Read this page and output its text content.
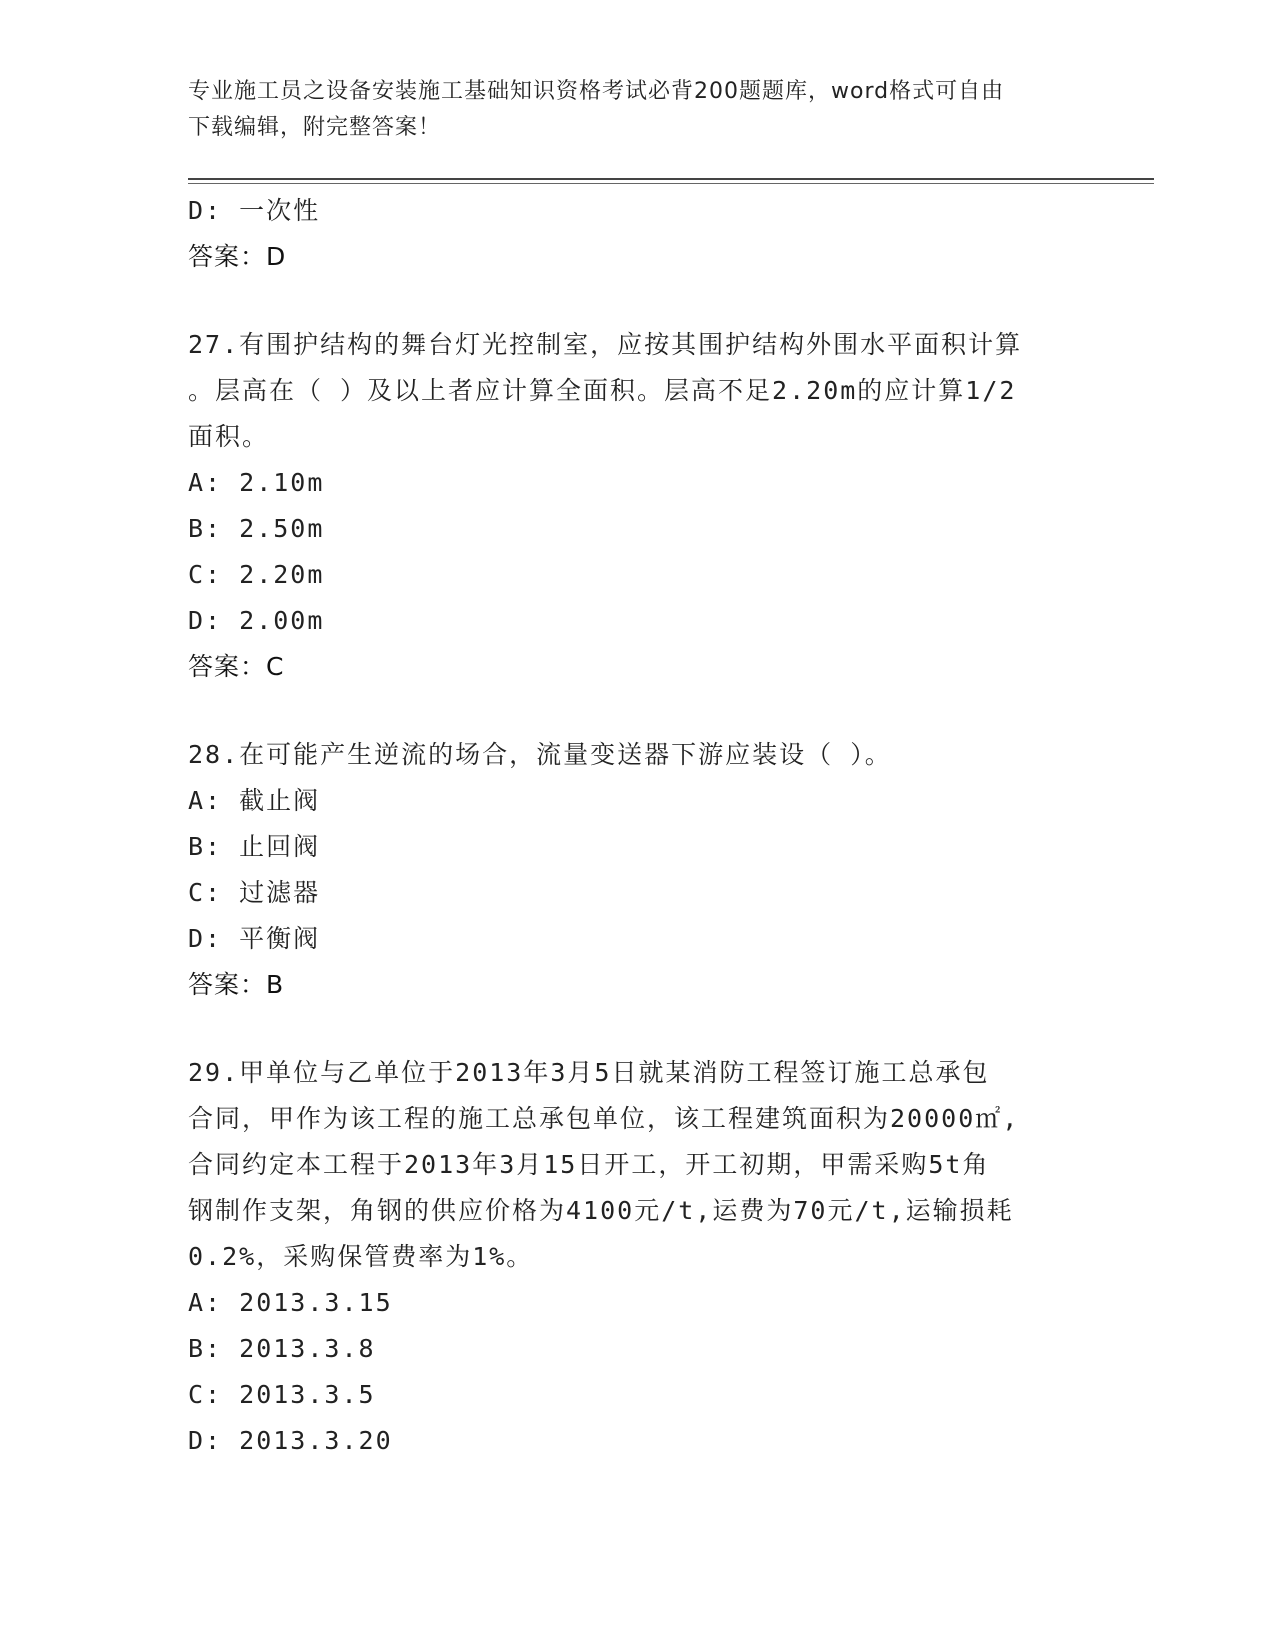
专业施工员之设备安装施工基础知识资格考试必背200题题库，word格式可自由
下载编辑，附完整答案！
D: 一次性
答案：D
27.有围护结构的舞台灯光控制室，应按其围护结构外围水平面积计算
。层高在（ ）及以上者应计算全面积。层高不足2.20m的应计算1/2
面积。
A: 2.10m
B: 2.50m
C: 2.20m
D: 2.00m
答案：C
28.在可能产生逆流的场合，流量变送器下游应装设（ ）。
A: 截止阀
B: 止回阀
C: 过滤器
D: 平衡阀
答案：B
29.甲单位与乙单位于2013年3月5日就某消防工程签订施工总承包
合同，甲作为该工程的施工总承包单位，该工程建筑面积为20000㎡,
合同约定本工程于2013年3月15日开工，开工初期，甲需采购5t角
钢制作支架，角钢的供应价格为4100元/t,运费为70元/t,运输损耗
0.2%，采购保管费率为1%。
A: 2013.3.15
B: 2013.3.8
C: 2013.3.5
D: 2013.3.20
